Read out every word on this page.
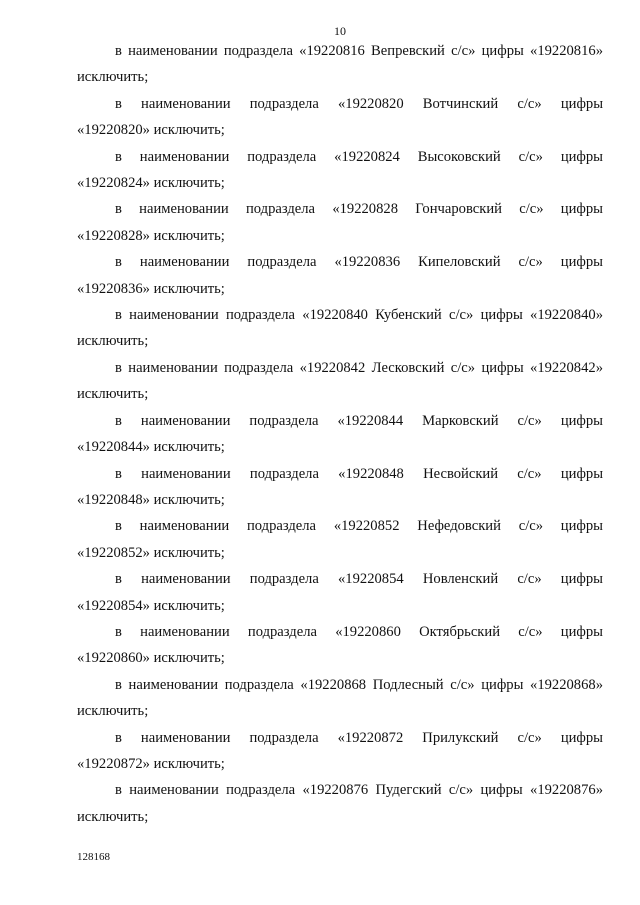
10

в наименовании подраздела «19220816 Вепревский с/с» цифры «19220816»
исключить;

в наименовании подраздела «19220820 Вотчинский с/с» цифры
«19220820» исключить;

в наименовании подраздела «19220824 Высоковский с/с» цифры
«19220824» исключить;

в наименовании подраздела «19220828 Гончаровский с/с» цифры
«19220828» исключить;

в наименовании подраздела «19220836 Кипеловский с/с» цифры
«19220836» исключить;

в наименовании подраздела «19220840 Кубенский с/с» цифры «19220840»
исключить;

в наименовании подраздела «19220842 Лесковский с/с» цифры «19220842»
исключить;

в наименовании подраздела «19220844 Марковский с/с» цифры
«19220844» исключить;

в наименовании подраздела «19220848 Несвойский с/с» цифры
«19220848» исключить;

в наименовании подраздела «19220852 Нефедовский с/с» цифры
«19220852» исключить;

в наименовании подраздела «19220854 Новленский с/с» цифры
«19220854» исключить;

в наименовании подраздела «19220860 Октябрьский с/с» цифры
«19220860» исключить;

в наименовании подраздела «19220868 Подлесный с/с» цифры «19220868»
исключить;

в наименовании подраздела «19220872 Прилукский с/с» цифры
«19220872» исключить;

в наименовании подраздела «19220876 Пудегский с/с» цифры «19220876»
исключить;

128168
